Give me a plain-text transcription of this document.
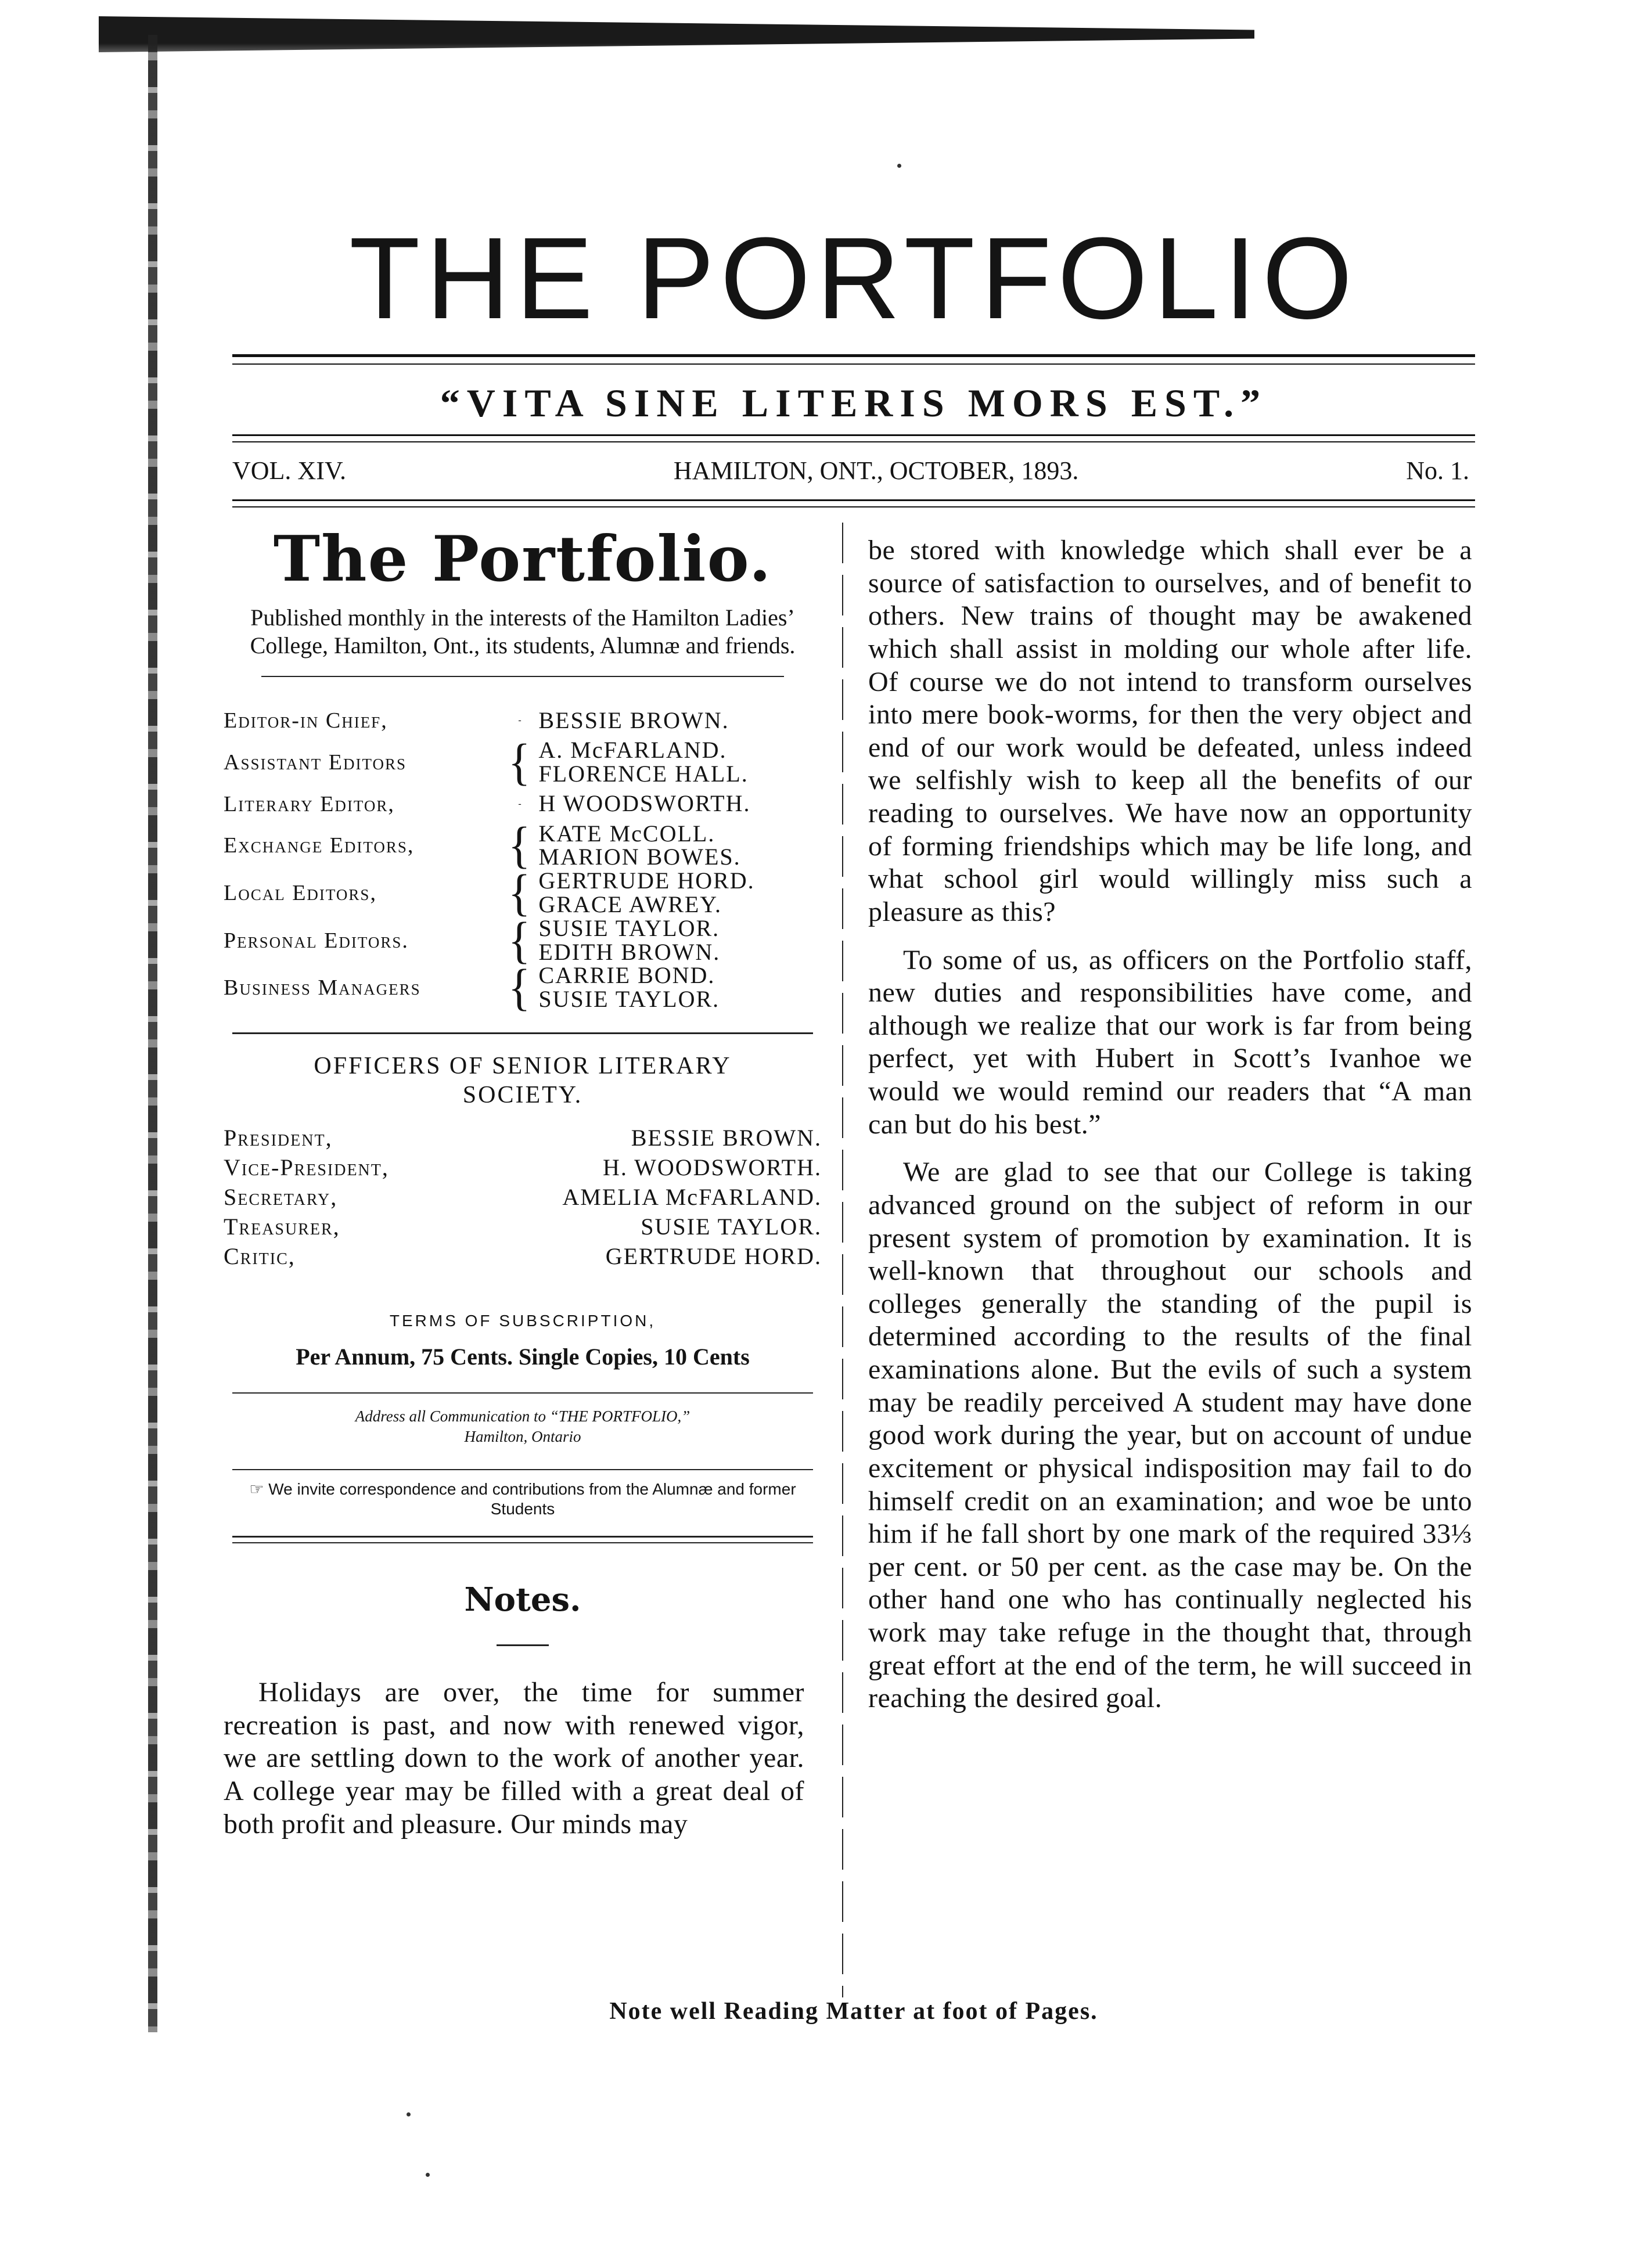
THE PORTFOLIO
“VITA SINE LITERIS MORS EST.”
VOL. XIV.	HAMILTON, ONT., OCTOBER, 1893.	No. 1.
The Portfolio.
Published monthly in the interests of the Hamilton Ladies’ College, Hamilton, Ont., its students, Alumnæ and friends.
Editor-in Chief,	-	BESSIE BROWN.
Assistant Editors	{	A. McFARLAND.
FLORENCE HALL.

Literary Editor,	-	H WOODSWORTH.
Exchange Editors,	{	KATE McCOLL.
MARION BOWES.

Local Editors,	{	GERTRUDE HORD.
GRACE AWREY.

Personal Editors.	{	SUSIE TAYLOR.
EDITH BROWN.

Business Managers	{	CARRIE BOND.
SUSIE TAYLOR.
OFFICERS OF SENIOR LITERARY SOCIETY.
President,	BESSIE BROWN.
Vice-President,	H. WOODSWORTH.
Secretary,	AMELIA McFARLAND.
Treasurer,	SUSIE TAYLOR.
Critic,	GERTRUDE HORD.
TERMS OF SUBSCRIPTION,
Per Annum, 75 Cents. Single Copies, 10 Cents
Address all Communication to “THE PORTFOLIO,” Hamilton, Ontario
☞ We invite correspondence and contributions from the Alumnæ and former Students
Notes.

Holidays are over, the time for summer recreation is past, and now with renewed vigor, we are settling down to the work of another year. A college year may be filled with a great deal of both profit and pleasure. Our minds may

be stored with knowledge which shall ever be a source of satisfaction to ourselves, and of benefit to others. New trains of thought may be awakened which shall assist in molding our whole after life. Of course we do not intend to transform ourselves into mere book-worms, for then the very object and end of our work would be defeated, unless indeed we selfishly wish to keep all the benefits of our reading to ourselves. We have now an opportunity of forming friendships which may be life long, and what school girl would willingly miss such a pleasure as this?

To some of us, as officers on the Portfolio staff, new duties and responsibilities have come, and although we realize that our work is far from being perfect, yet with Hubert in Scott’s Ivanhoe we would we would remind our readers that “A man can but do his best.”

We are glad to see that our College is taking advanced ground on the subject of reform in our present system of promotion by examination. It is well-known that throughout our schools and colleges generally the standing of the pupil is determined according to the results of the final examinations alone. But the evils of such a system may be readily perceived A student may have done good work during the year, but on account of undue excitement or physical indisposition may fail to do himself credit on an examination; and woe be unto him if he fall short by one mark of the required 33⅓ per cent. or 50 per cent. as the case may be. On the other hand one who has continually neglected his work may take refuge in the thought that, through great effort at the end of the term, he will succeed in reaching the desired goal.

Note well Reading Matter at foot of Pages.
